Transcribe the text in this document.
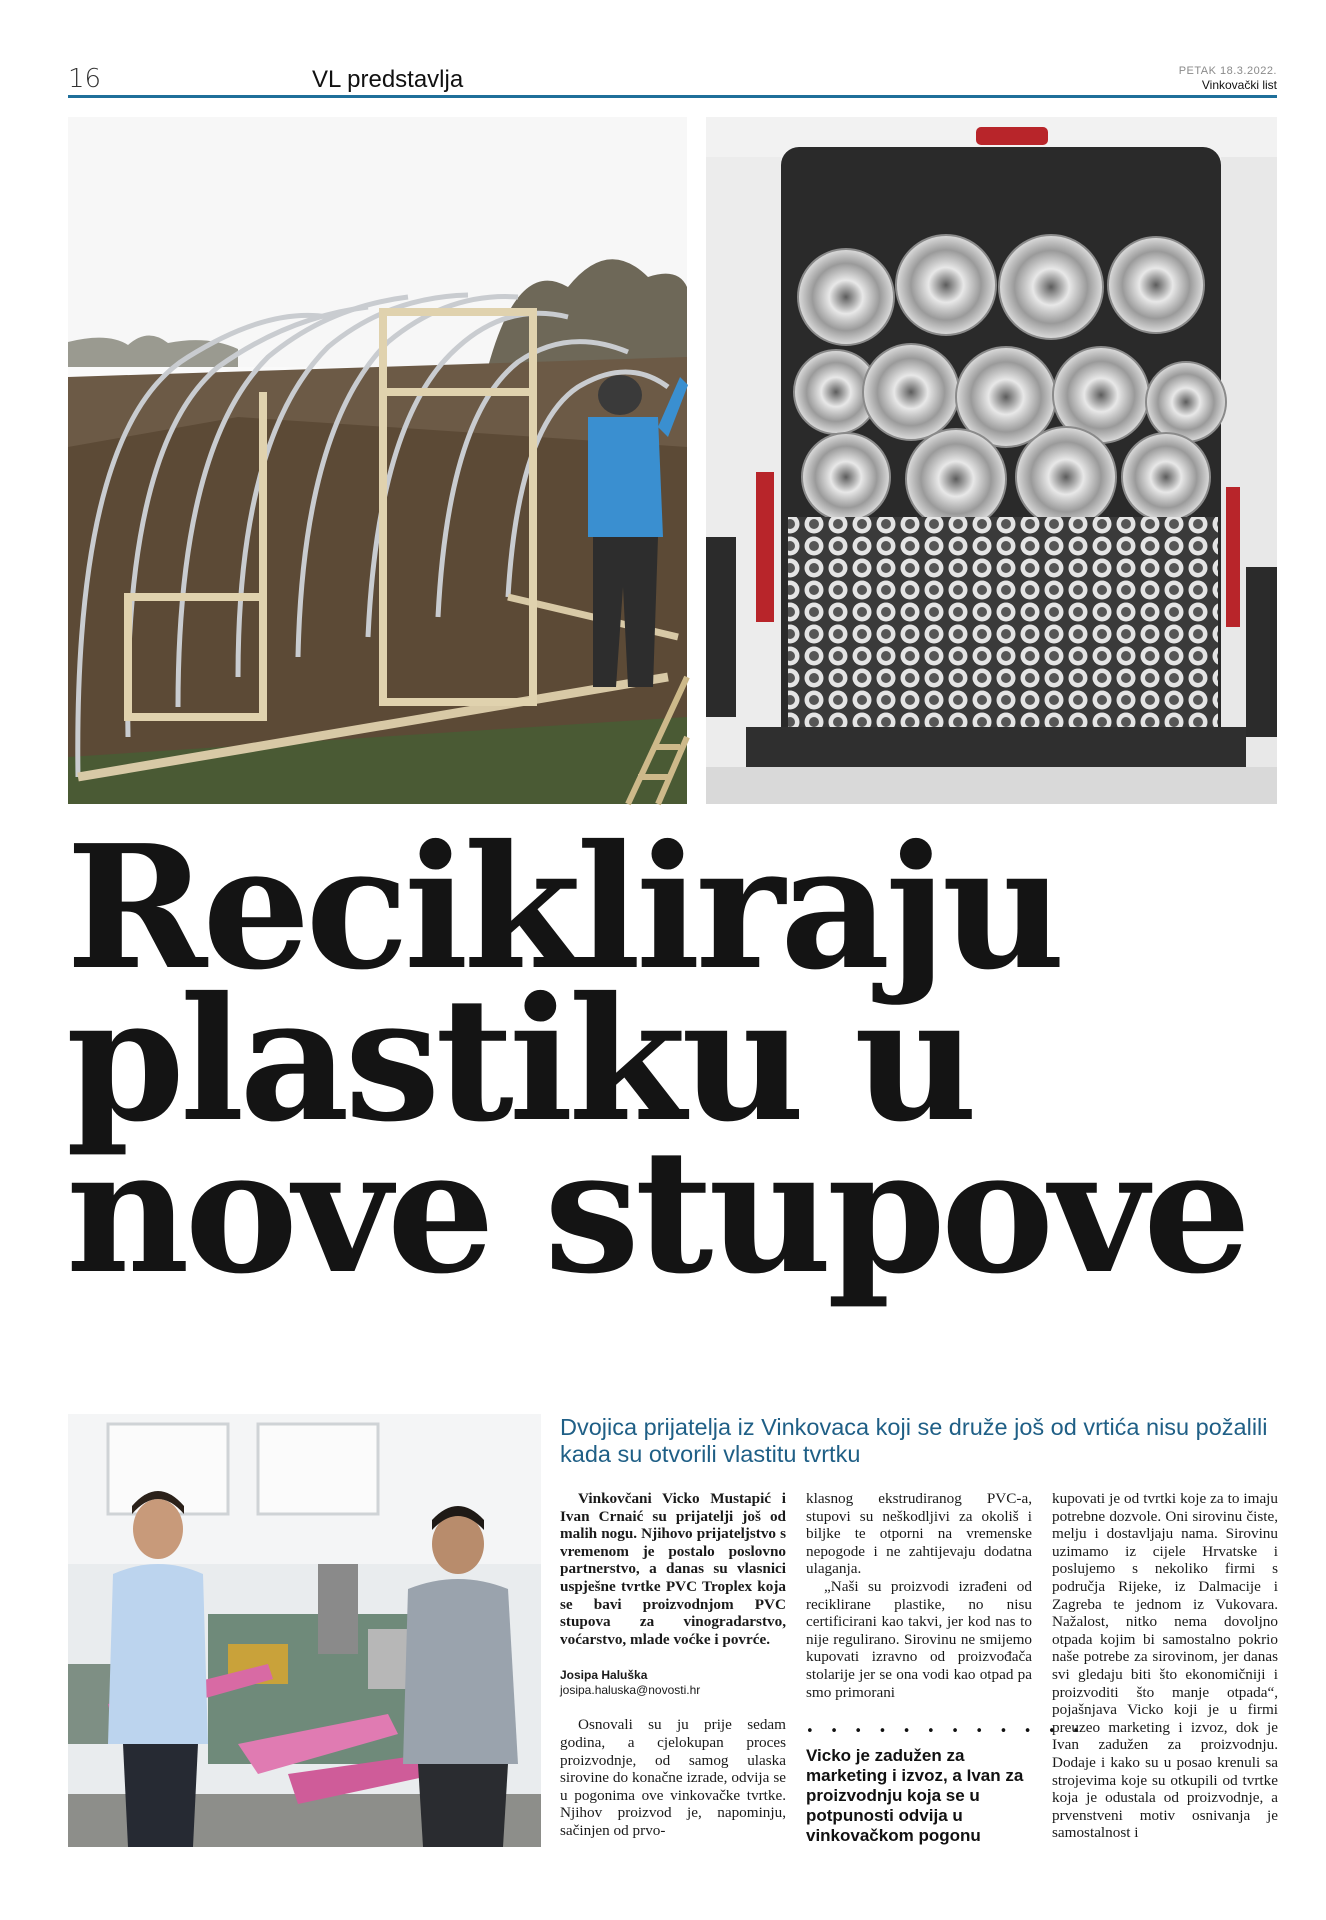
16	VL predstavlja	PETAK 18.3.2022.
Vinkovački list
Recikliraju
plastiku u
nove stupove
Dvojica prijatelja iz Vinkovaca koji se druže još od vrtića nisu požalili kada su otvorili vlastitu tvrtku

Vinkovčani Vicko Mustapić i Ivan Crnaić su prijatelji još od malih nogu. Njihovo prijateljstvo s vremenom je postalo poslovno partnerstvo, a danas su vlasnici uspješne tvrtke PVC Troplex koja se bavi proizvodnjom PVC stupova za vinogradarstvo, voćarstvo, mlade voćke i povrće.

Josipa Haluška
josipa.haluska@novosti.hr

Osnovali su ju prije sedam godina, a cjelokupan proces proizvodnje, od samog ulaska sirovine do konačne izrade, odvija se u pogonima ove vinkovačke tvrtke. Njihov proizvod je, napominju, sačinjen od prvo-

klasnog ekstrudiranog PVC-a, stupovi su neškodljivi za okoliš i biljke te otporni na vremenske nepogode i ne zahtijevaju dodatna ulaganja.

„Naši su proizvodi izrađeni od reciklirane plastike, no nisu certificirani kao takvi, jer kod nas to nije regulirano. Sirovinu ne smijemo kupovati izravno od proizvođača stolarije jer se ona vodi kao otpad pa smo primorani

• • • • • • • • • • • •
Vicko je zadužen za marketing i izvoz, a Ivan za proizvodnju koja se u potpunosti odvija u vinkovačkom pogonu

kupovati je od tvrtki koje za to imaju potrebne dozvole. Oni sirovinu čiste, melju i dostavljaju nama. Sirovinu uzimamo iz cijele Hrvatske i poslujemo s nekoliko firmi s područja Rijeke, iz Dalmacije i Zagreba te jednom iz Vukovara. Nažalost, nitko nema dovoljno otpada kojim bi samostalno pokrio naše potrebe za sirovinom, jer danas svi gledaju biti što ekonomičniji i proizvoditi što manje otpada“, pojašnjava Vicko koji je u firmi preuzeo marketing i izvoz, dok je Ivan zadužen za proizvodnju. Dodaje i kako su u posao krenuli sa strojevima koje su otkupili od tvrtke koja je odustala od proizvodnje, a prvenstveni motiv osnivanja je samostalnost i
